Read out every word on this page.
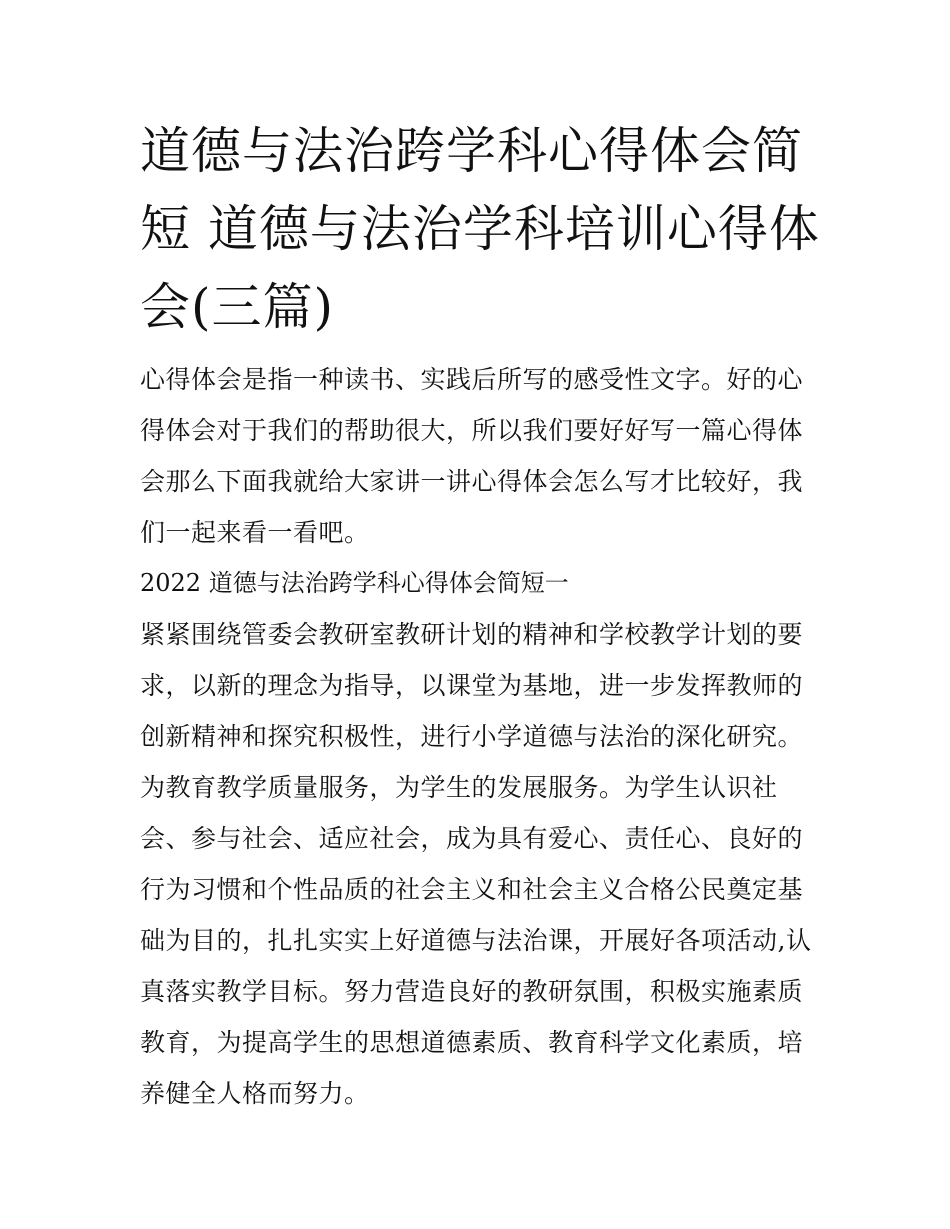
道德与法治跨学科心得体会简短 道德与法治学科培训心得体会(三篇)

心得体会是指一种读书、实践后所写的感受性文字。好的心得体会对于我们的帮助很大，所以我们要好好写一篇心得体会那么下面我就给大家讲一讲心得体会怎么写才比较好，我们一起来看一看吧。

2022 道德与法治跨学科心得体会简短一

紧紧围绕管委会教研室教研计划的精神和学校教学计划的要求，以新的理念为指导，以课堂为基地，进一步发挥教师的创新精神和探究积极性，进行小学道德与法治的深化研究。为教育教学质量服务，为学生的发展服务。为学生认识社会、参与社会、适应社会，成为具有爱心、责任心、良好的行为习惯和个性品质的社会主义和社会主义合格公民奠定基础为目的，扎扎实实上好道德与法治课，开展好各项活动,认真落实教学目标。努力营造良好的教研氛围，积极实施素质教育，为提高学生的思想道德素质、教育科学文化素质，培养健全人格而努力。
